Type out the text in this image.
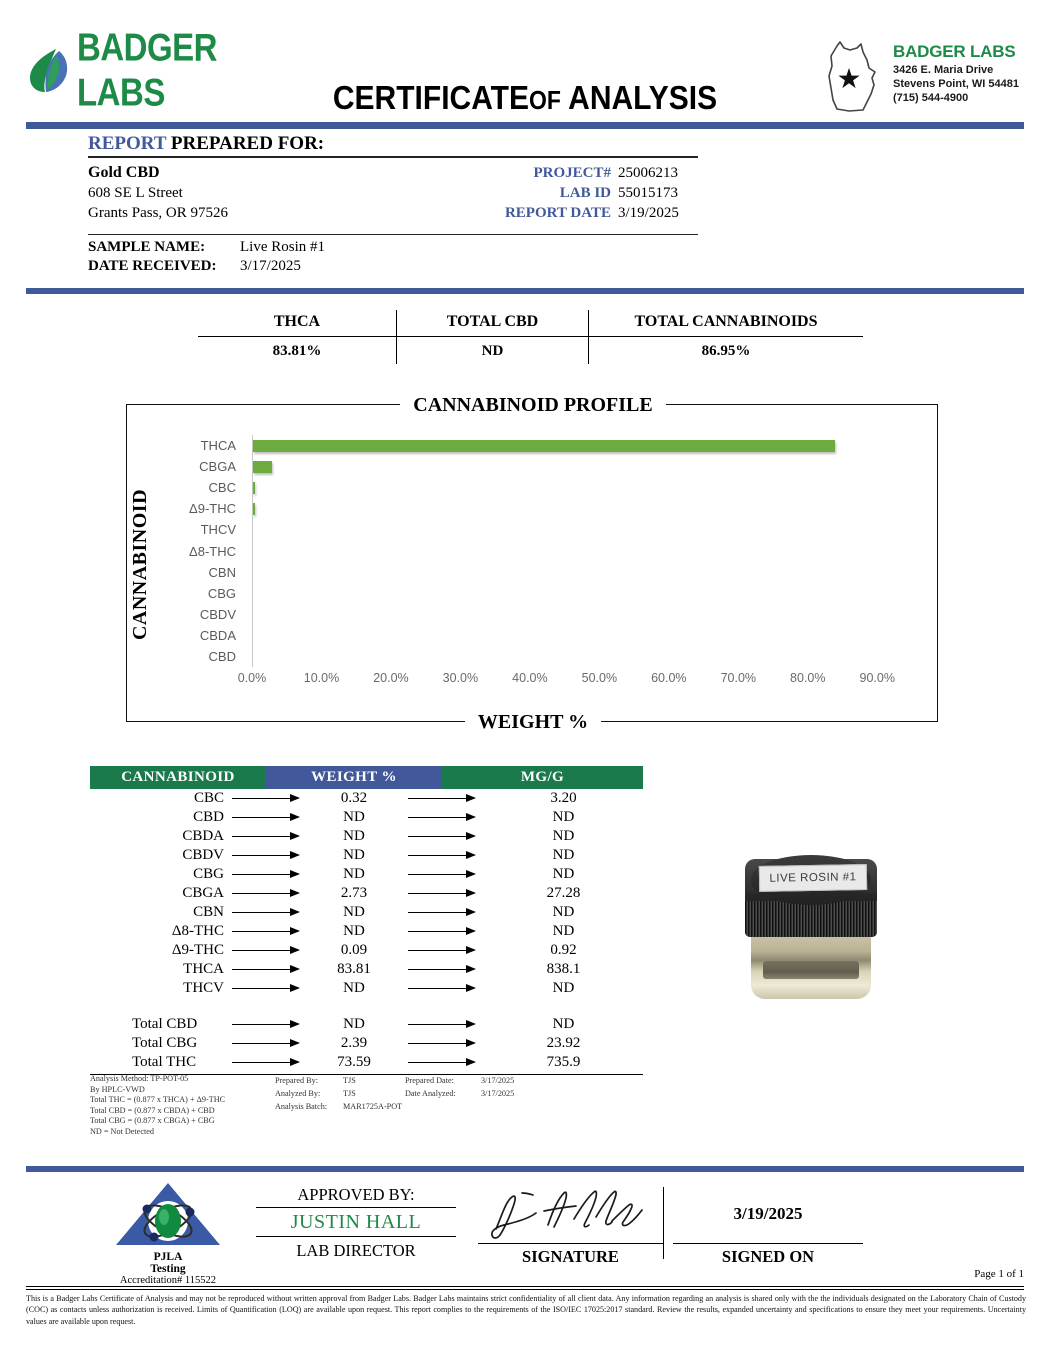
BADGER LABS	CERTIFICATEOF ANALYSIS
BADGER LABS
3426 E. Maria Drive
Stevens Point, WI 54481
(715) 544-4900
REPORT PREPARED FOR:
Gold CBD
608 SE L Street
Grants Pass, OR 97526
PROJECT# 25006213
LAB ID 55015173
REPORT DATE 3/19/2025
SAMPLE NAME:	Live Rosin #1
DATE RECEIVED:	3/17/2025
THCA	TOTAL CBD	TOTAL CANNABINOIDS
83.81%	ND	86.95%
CANNABINOID PROFILE
CANNABINOID
THCA
CBGA
CBC
Δ9-THC
THCV
Δ8-THC
CBN
CBG
CBDV
CBDA
CBD
0.0%	10.0%	20.0%	30.0%	40.0%	50.0%	60.0%	70.0%	80.0%	90.0%
WEIGHT %
CANNABINOID	WEIGHT %	MG/G
CBC	0.32	3.20
CBD	ND	ND
CBDA	ND	ND
CBDV	ND	ND
CBG	ND	ND
CBGA	2.73	27.28
CBN	ND	ND
Δ8-THC	ND	ND
Δ9-THC	0.09	0.92
THCA	83.81	838.1
THCV	ND	ND
Total CBD	ND	ND
Total CBG	2.39	23.92
Total THC	73.59	735.9
Analysis Method: TP-POT-05
By HPLC-VWD
Total THC = (0.877 x THCA) + Δ9-THC
Total CBD = (0.877 x CBDA) + CBD
Total CBG = (0.877 x CBGA) + CBG
ND = Not Detected
Prepared By:	TJS	Prepared Date:	3/17/2025
Analyzed By:	TJS	Date Analyzed:	3/17/2025
Analysis Batch:	MAR1725A-POT
LIVE ROSIN #1
PJLA
Testing
Accreditation# 115522
APPROVED BY:
JUSTIN HALL
LAB DIRECTOR	SIGNATURE
3/19/2025
SIGNED ON
Page 1 of 1
This is a Badger Labs Certificate of Analysis and may not be reproduced without written approval from Badger Labs. Badger Labs maintains strict confidentiality of all client data. Any information regarding an analysis is shared only with the the individuals designated on the Laboratory Chain of Custody (COC) as contacts unless authorization is received. Limits of Quantification (LOQ) are available upon request. This report complies to the requirements of the ISO/IEC 17025:2017 standard. Review the results, expanded uncertainty and specifications to ensure they meet your requirements. Uncertainty values are available upon request.
